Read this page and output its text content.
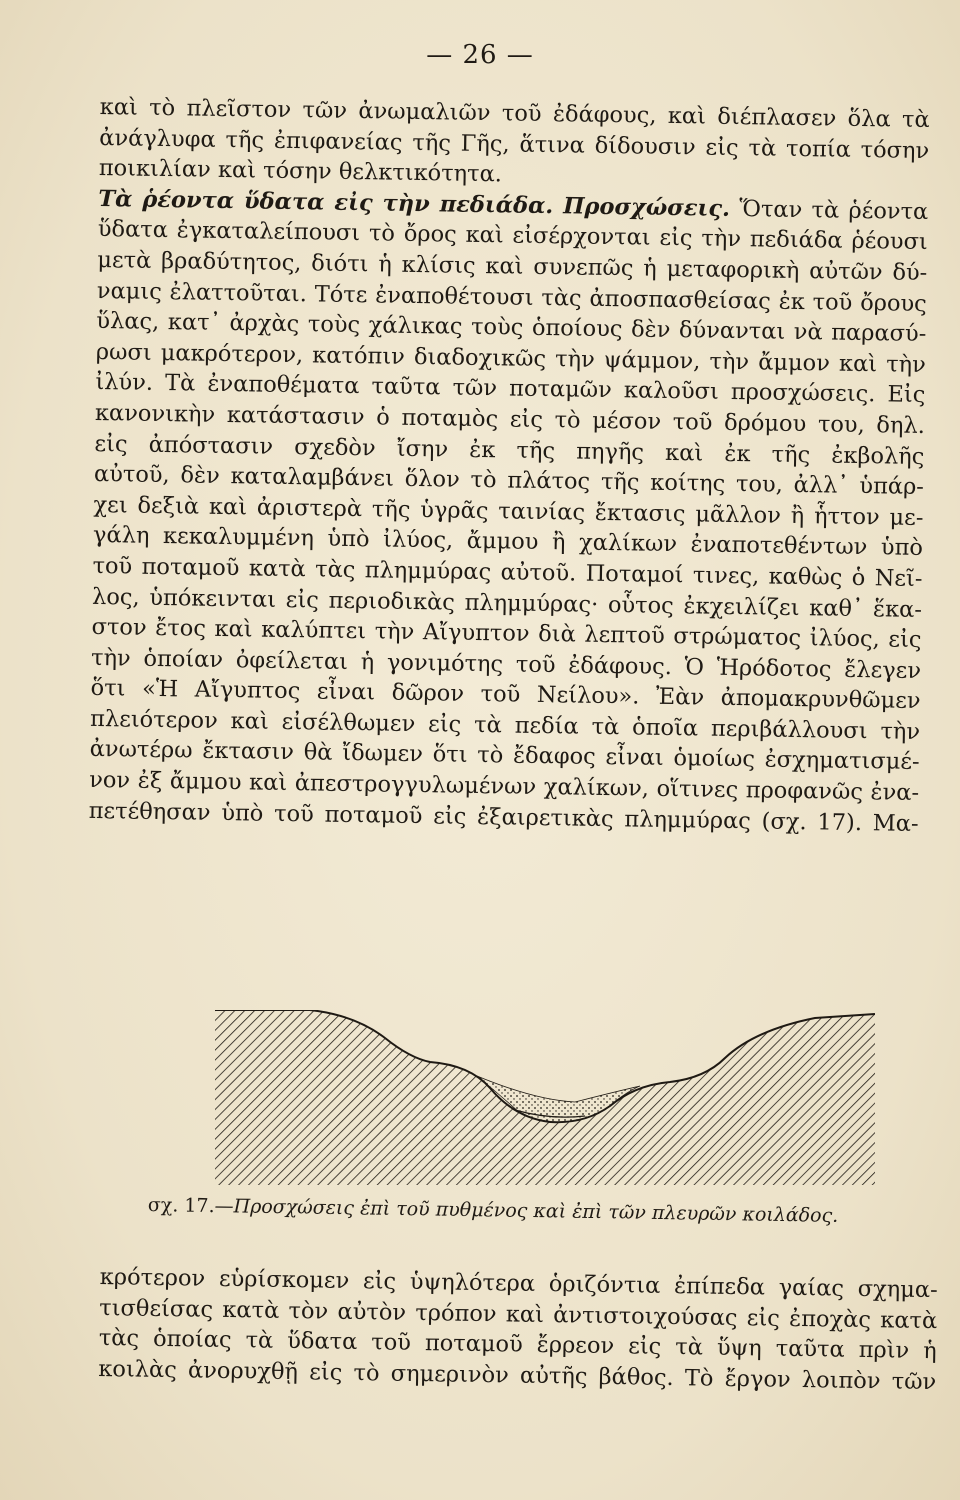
— 26 —
καὶ τὸ πλεῖστον τῶν ἀνωμαλιῶν τοῦ ἐδάφους, καὶ διέπλασεν ὅλα τὰ
ἀνάγλυφα τῆς ἐπιφανείας τῆς Γῆς, ἅτινα δίδουσιν εἰς τὰ τοπία τόσην
ποικιλίαν καὶ τόσην θελκτικότητα.
Τὰ ῥέοντα ὕδατα εἰς τὴν πεδιάδα. Προσχώσεις. Ὅταν τὰ ῥέοντα
ὕδατα ἐγκαταλείπουσι τὸ ὄρος καὶ εἰσέρχονται εἰς τὴν πεδιάδα ῥέουσι
μετὰ βραδύτητος, διότι ἡ κλίσις καὶ συνεπῶς ἡ μεταφορικὴ αὐτῶν δύ-
ναμις ἐλαττοῦται. Τότε ἐναποθέτουσι τὰς ἀποσπασθείσας ἐκ τοῦ ὄρους
ὕλας, κατ᾽ ἀρχὰς τοὺς χάλικας τοὺς ὁποίους δὲν δύνανται νὰ παρασύ-
ρωσι μακρότερον, κατόπιν διαδοχικῶς τὴν ψάμμον, τὴν ἄμμον καὶ τὴν
ἰλύν. Τὰ ἐναποθέματα ταῦτα τῶν ποταμῶν καλοῦσι προσχώσεις. Εἰς
κανονικὴν κατάστασιν ὁ ποταμὸς εἰς τὸ μέσον τοῦ δρόμου του, δηλ.
εἰς ἀπόστασιν σχεδὸν ἴσην ἐκ τῆς πηγῆς καὶ ἐκ τῆς ἐκβολῆς
αὐτοῦ, δὲν καταλαμβάνει ὅλον τὸ πλάτος τῆς κοίτης του, ἀλλ᾽ ὑπάρ-
χει δεξιὰ καὶ ἀριστερὰ τῆς ὑγρᾶς ταινίας ἔκτασις μᾶλλον ἢ ἧττον με-
γάλη κεκαλυμμένη ὑπὸ ἰλύος, ἄμμου ἢ χαλίκων ἐναποτεθέντων ὑπὸ
τοῦ ποταμοῦ κατὰ τὰς πλημμύρας αὐτοῦ. Ποταμοί τινες, καθὼς ὁ Νεῖ-
λος, ὑπόκεινται εἰς περιοδικὰς πλημμύρας· οὗτος ἐκχειλίζει καθ᾽ ἕκα-
στον ἔτος καὶ καλύπτει τὴν Αἴγυπτον διὰ λεπτοῦ στρώματος ἰλύος, εἰς
τὴν ὁποίαν ὀφείλεται ἡ γονιμότης τοῦ ἐδάφους. Ὁ Ἡρόδοτος ἔλεγεν
ὅτι «Ἡ Αἴγυπτος εἶναι δῶρον τοῦ Νείλου». Ἐὰν ἀπομακρυνθῶμεν
πλειότερον καὶ εἰσέλθωμεν εἰς τὰ πεδία τὰ ὁποῖα περιβάλλουσι τὴν
ἀνωτέρω ἔκτασιν θὰ ἴδωμεν ὅτι τὸ ἔδαφος εἶναι ὁμοίως ἐσχηματισμέ-
νον ἐξ ἄμμου καὶ ἀπεστρογγυλωμένων χαλίκων, οἵτινες προφανῶς ἐνα-
πετέθησαν ὑπὸ τοῦ ποταμοῦ εἰς ἐξαιρετικὰς πλημμύρας (σχ. 17). Μα-
σχ. 17.—Προσχώσεις ἐπὶ τοῦ πυθμένος καὶ ἐπὶ τῶν πλευρῶν κοιλάδος.
κρότερον εὑρίσκομεν εἰς ὑψηλότερα ὁριζόντια ἐπίπεδα γαίας σχημα-
τισθείσας κατὰ τὸν αὐτὸν τρόπον καὶ ἀντιστοιχούσας εἰς ἐποχὰς κατὰ
τὰς ὁποίας τὰ ὕδατα τοῦ ποταμοῦ ἔρρεον εἰς τὰ ὕψη ταῦτα πρὶν ἡ
κοιλὰς ἀνορυχθῇ εἰς τὸ σημερινὸν αὐτῆς βάθος. Τὸ ἔργον λοιπὸν τῶν
